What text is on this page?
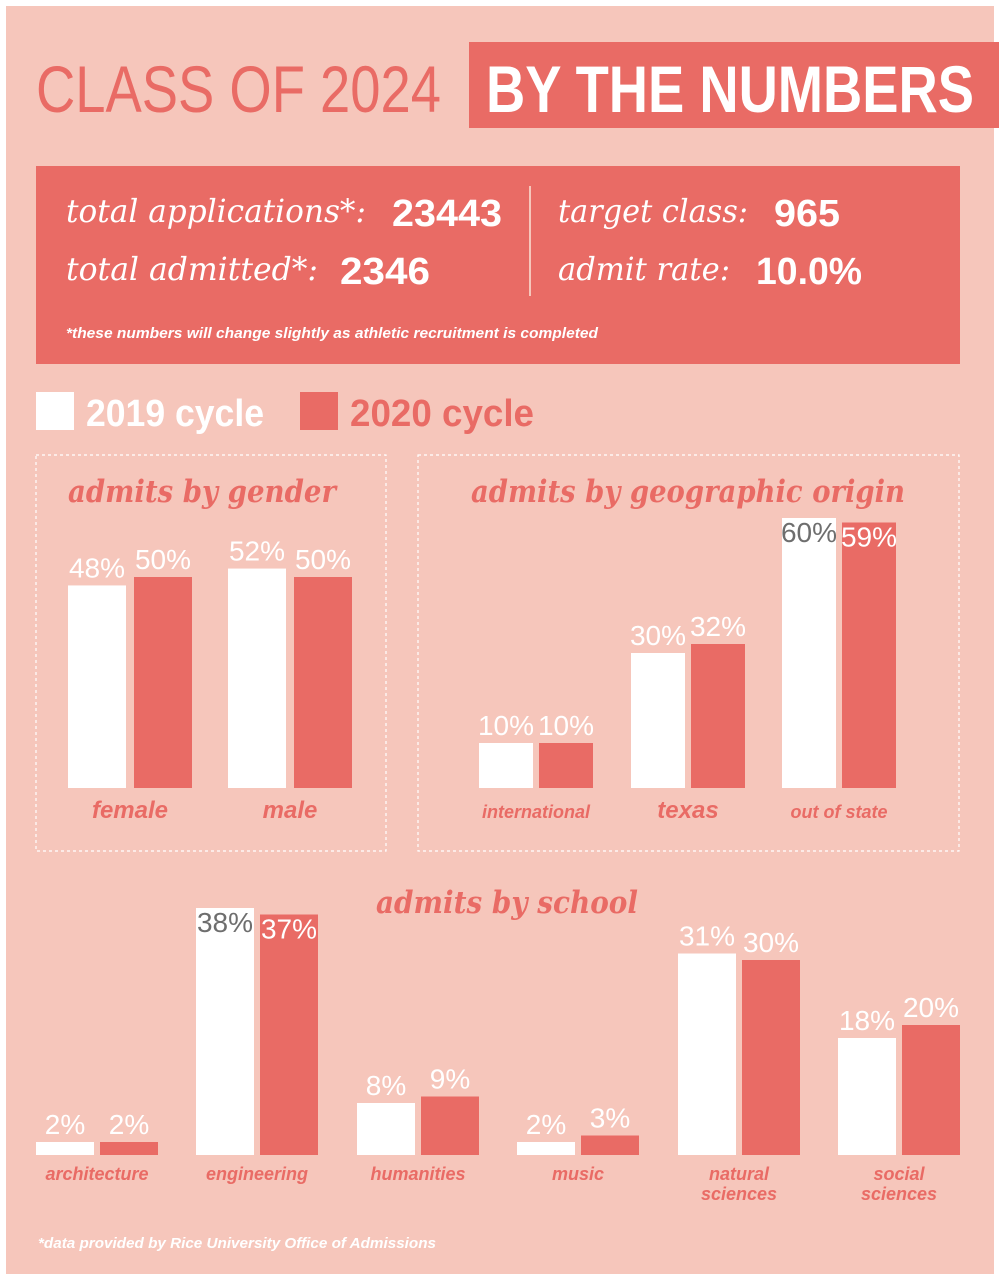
CLASS OF 2024 BY THE NUMBERS
total applications*: 23443
total admitted*: 2346
target class: 965
admit rate: 10.0%
*these numbers will change slightly as athletic recruitment is completed
2019 cycle 2020 cycle
admits by gender	admits by geographic origin
admits by school
*data provided by Rice University Office of Admissions
48% 50%
female
52% 50%
male
10% 10%
international
30% 32%
texas
60% 59%
out of state
2% 2%
architecture
38% 37%
engineering
8% 9%
humanities
2% 3%
music
31% 30%
natural
sciences
18% 20%
social
sciences
